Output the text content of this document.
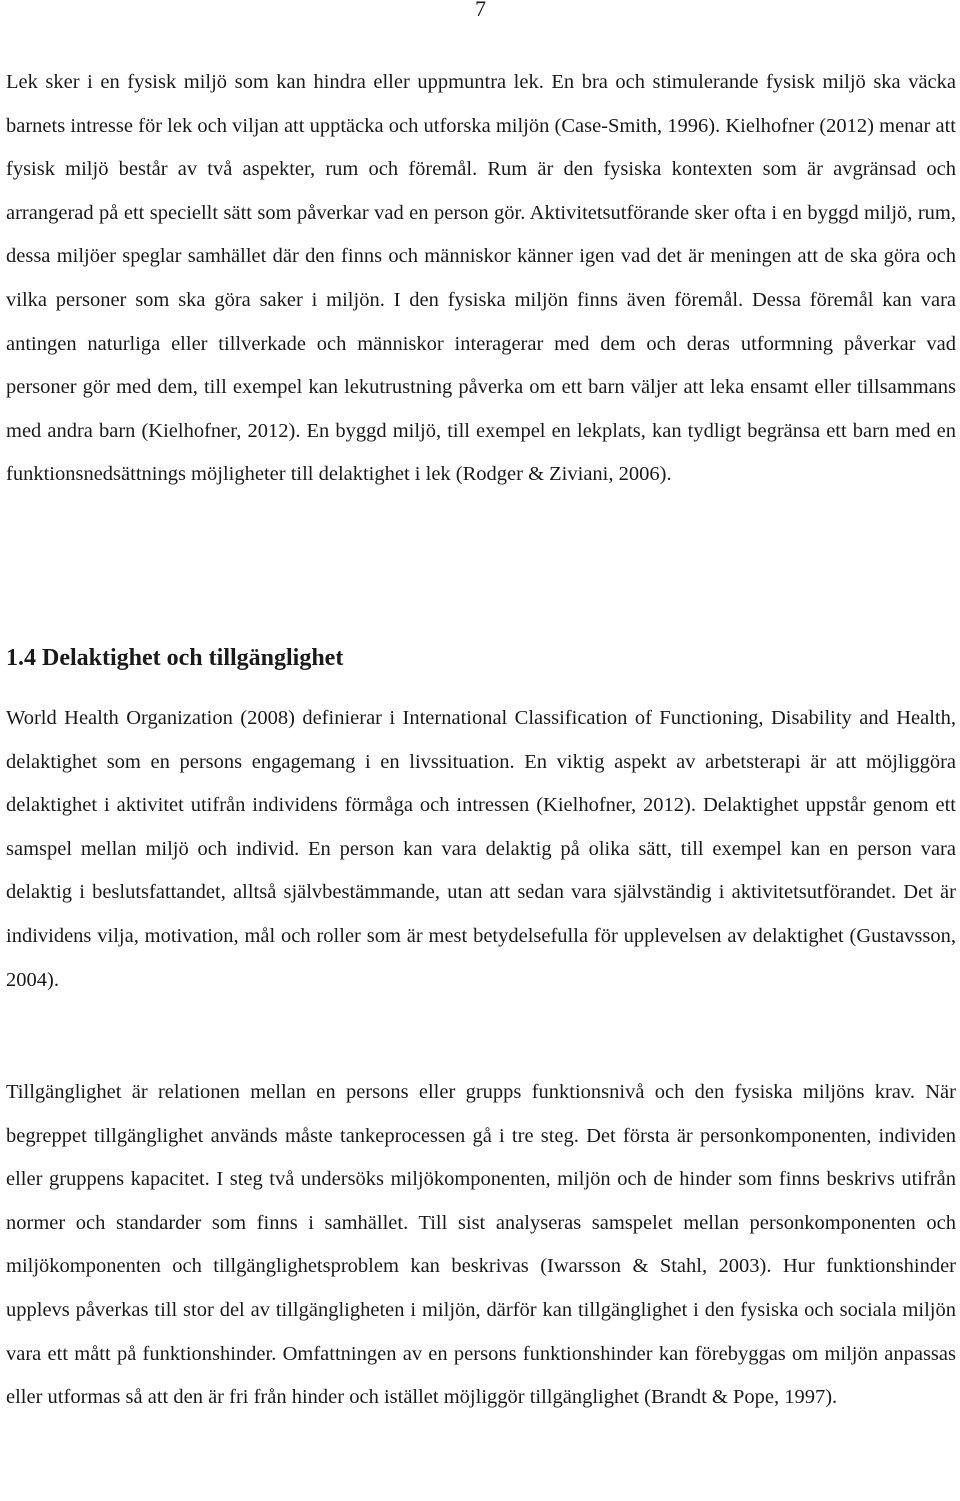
7

Lek sker i en fysisk miljö som kan hindra eller uppmuntra lek. En bra och stimulerande fysisk miljö ska väcka barnets intresse för lek och viljan att upptäcka och utforska miljön (Case-Smith, 1996). Kielhofner (2012) menar att fysisk miljö består av två aspekter, rum och föremål. Rum är den fysiska kontexten som är avgränsad och arrangerad på ett speciellt sätt som påverkar vad en person gör. Aktivitetsutförande sker ofta i en byggd miljö, rum, dessa miljöer speglar samhället där den finns och människor känner igen vad det är meningen att de ska göra och vilka personer som ska göra saker i miljön. I den fysiska miljön finns även föremål. Dessa föremål kan vara antingen naturliga eller tillverkade och människor interagerar med dem och deras utformning påverkar vad personer gör med dem, till exempel kan lekutrustning påverka om ett barn väljer att leka ensamt eller tillsammans med andra barn (Kielhofner, 2012). En byggd miljö, till exempel en lekplats, kan tydligt begränsa ett barn med en funktionsnedsättnings möjligheter till delaktighet i lek (Rodger & Ziviani, 2006).

1.4 Delaktighet och tillgänglighet

World Health Organization (2008) definierar i International Classification of Functioning, Disability and Health, delaktighet som en persons engagemang i en livssituation. En viktig aspekt av arbetsterapi är att möjliggöra delaktighet i aktivitet utifrån individens förmåga och intressen (Kielhofner, 2012). Delaktighet uppstår genom ett samspel mellan miljö och individ. En person kan vara delaktig på olika sätt, till exempel kan en person vara delaktig i beslutsfattandet, alltså självbestämmande, utan att sedan vara självständig i aktivitetsutförandet. Det är individens vilja, motivation, mål och roller som är mest betydelsefulla för upplevelsen av delaktighet (Gustavsson, 2004).

Tillgänglighet är relationen mellan en persons eller grupps funktionsnivå och den fysiska miljöns krav. När begreppet tillgänglighet används måste tankeprocessen gå i tre steg. Det första är personkomponenten, individen eller gruppens kapacitet. I steg två undersöks miljökomponenten, miljön och de hinder som finns beskrivs utifrån normer och standarder som finns i samhället. Till sist analyseras samspelet mellan personkomponenten och miljökomponenten och tillgänglighetsproblem kan beskrivas (Iwarsson & Stahl, 2003). Hur funktionshinder upplevs påverkas till stor del av tillgängligheten i miljön, därför kan tillgänglighet i den fysiska och sociala miljön vara ett mått på funktionshinder. Omfattningen av en persons funktionshinder kan förebyggas om miljön anpassas eller utformas så att den är fri från hinder och istället möjliggör tillgänglighet (Brandt & Pope, 1997).
